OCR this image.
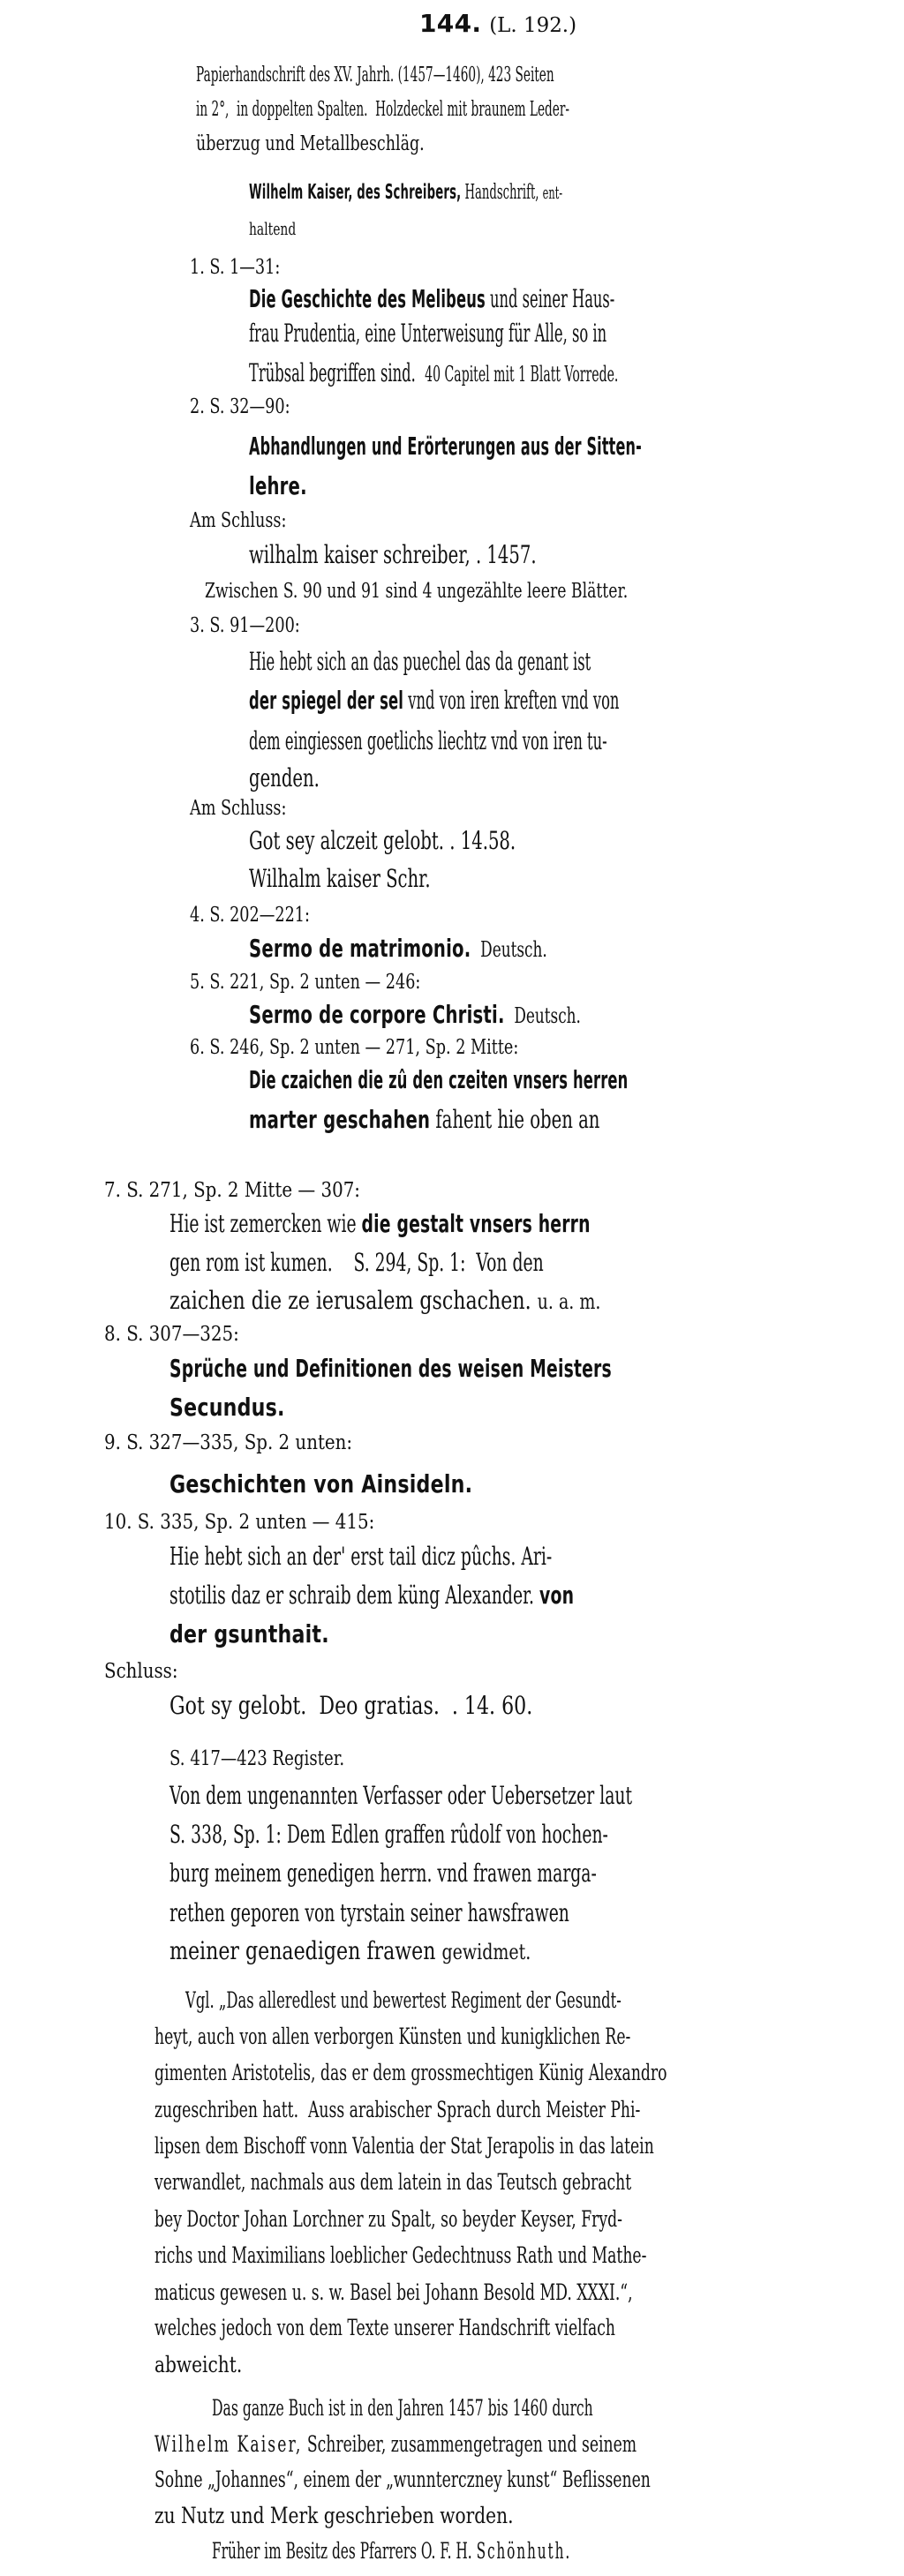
144. (L. 192.)
Papierhandschrift des XV. Jahrh. (1457—1460), 423 Seiten
in 2°,  in doppelten Spalten.  Holzdeckel mit braunem Leder-
überzug und Metallbeschläg.
Wilhelm Kaiser, des Schreibers, Handschrift, ent-
haltend
1. S. 1—31:
Die Geschichte des Melibeus und seiner Haus-
frau Prudentia, eine Unterweisung für Alle, so in
Trübsal begriffen sind.  40 Capitel mit 1 Blatt Vorrede.
2. S. 32—90:
Abhandlungen und Erörterungen aus der Sitten-
lehre.
Am Schluss:
wilhalm kaiser schreiber, . 1457.
Zwischen S. 90 und 91 sind 4 ungezählte leere Blätter.
3. S. 91—200:
Hie hebt sich an das puechel das da genant ist
der spiegel der sel vnd von iren kreften vnd von
dem eingiessen goetlichs liechtz vnd von iren tu-
genden.
Am Schluss:
Got sey alczeit gelobt. . 14.58.
Wilhalm kaiser Schr.
4. S. 202—221:
Sermo de matrimonio.  Deutsch.
5. S. 221, Sp. 2 unten — 246:
Sermo de corpore Christi.  Deutsch.
6. S. 246, Sp. 2 unten — 271, Sp. 2 Mitte:
Die czaichen die zû den czeiten vnsers herren
marter geschahen fahent hie oben an
7. S. 271, Sp. 2 Mitte — 307:
Hie ist zemercken wie die gestalt vnsers herrn
gen rom ist kumen.    S. 294, Sp. 1:  Von den
zaichen die ze ierusalem gschachen. u. a. m.
8. S. 307—325:
Sprüche und Definitionen des weisen Meisters
Secundus.
9. S. 327—335, Sp. 2 unten:
Geschichten von Ainsideln.
10. S. 335, Sp. 2 unten — 415:
Hie hebt sich an der' erst tail dicz pûchs. Ari-
stotilis daz er schraib dem küng Alexander. von
der gsunthait.
Schluss:
Got sy gelobt.  Deo gratias.  . 14. 60.
S. 417—423 Register.
Von dem ungenannten Verfasser oder Uebersetzer laut
S. 338, Sp. 1: Dem Edlen graffen rûdolf von hochen-
burg meinem genedigen herrn. vnd frawen marga-
rethen geporen von tyrstain seiner hawsfrawen
meiner genaedigen frawen gewidmet.
Vgl. „Das alleredlest und bewertest Regiment der Gesundt-
heyt, auch von allen verborgen Künsten und kunigklichen Re-
gimenten Aristotelis, das er dem grossmechtigen Künig Alexandro
zugeschriben hatt.  Auss arabischer Sprach durch Meister Phi-
lipsen dem Bischoff vonn Valentia der Stat Jerapolis in das latein
verwandlet, nachmals aus dem latein in das Teutsch gebracht
bey Doctor Johan Lorchner zu Spalt, so beyder Keyser, Fryd-
richs und Maximilians loeblicher Gedechtnuss Rath und Mathe-
maticus gewesen u. s. w. Basel bei Johann Besold MD. XXXI.“,
welches jedoch von dem Texte unserer Handschrift vielfach
abweicht.
Das ganze Buch ist in den Jahren 1457 bis 1460 durch
Wilhelm Kaiser, Schreiber, zusammengetragen und seinem
Sohne „Johannes“, einem der „wunnterczney kunst“ Beflissenen
zu Nutz und Merk geschrieben worden.
Früher im Besitz des Pfarrers O. F. H. Schönhuth.
